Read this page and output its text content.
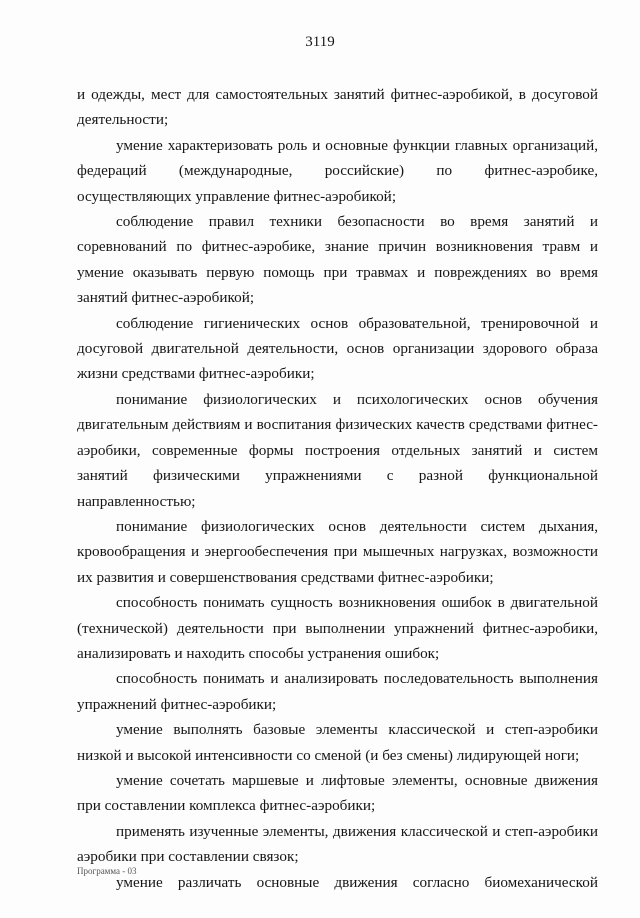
3119

и одежды, мест для самостоятельных занятий фитнес-аэробикой, в досуговой деятельности;

умение характеризовать роль и основные функции главных организаций, федераций (международные, российские) по фитнес-аэробике, осуществляющих управление фитнес-аэробикой;

соблюдение правил техники безопасности во время занятий и соревнований по фитнес-аэробике, знание причин возникновения травм и умение оказывать первую помощь при травмах и повреждениях во время занятий фитнес-аэробикой;

соблюдение гигиенических основ образовательной, тренировочной и досуговой двигательной деятельности, основ организации здорового образа жизни средствами фитнес-аэробики;

понимание физиологических и психологических основ обучения двигательным действиям и воспитания физических качеств средствами фитнес-аэробики, современные формы построения отдельных занятий и систем занятий физическими упражнениями с разной функциональной направленностью;

понимание физиологических основ деятельности систем дыхания, кровообращения и энергообеспечения при мышечных нагрузках, возможности их развития и совершенствования средствами фитнес-аэробики;

способность понимать сущность возникновения ошибок в двигательной (технической) деятельности при выполнении упражнений фитнес-аэробики, анализировать и находить способы устранения ошибок;

способность понимать и анализировать последовательность выполнения упражнений фитнес-аэробики;

умение выполнять базовые элементы классической и степ-аэробики низкой и высокой интенсивности со сменой (и без смены) лидирующей ноги;

умение сочетать маршевые и лифтовые элементы, основные движения при составлении комплекса фитнес-аэробики;

применять изученные элементы, движения классической и степ-аэробики аэробики при составлении связок;

умение различать основные движения согласно биомеханической

Программа - 03
